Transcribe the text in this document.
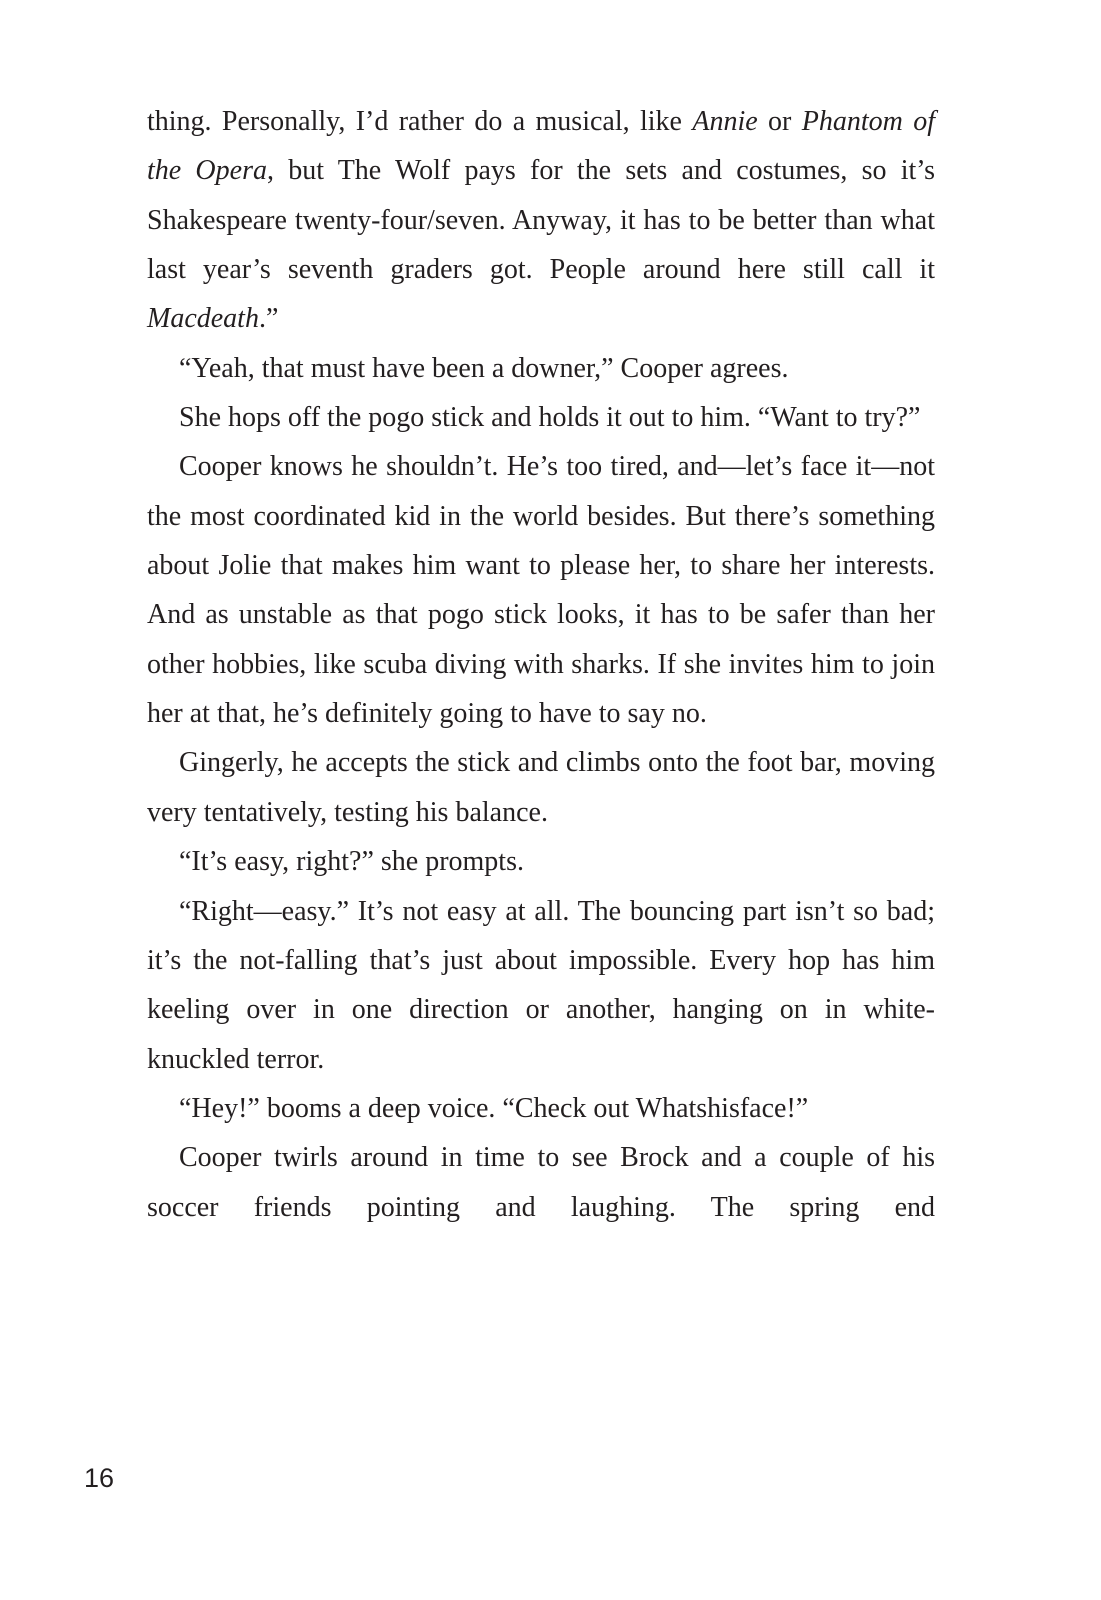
thing. Personally, I’d rather do a musical, like Annie or Phantom of the Opera, but The Wolf pays for the sets and costumes, so it’s Shakespeare twenty-four/seven. Anyway, it has to be better than what last year’s seventh graders got. People around here still call it Macdeath.”

“Yeah, that must have been a downer,” Cooper agrees.

She hops off the pogo stick and holds it out to him. “Want to try?”

Cooper knows he shouldn’t. He’s too tired, and—let’s face it—not the most coordinated kid in the world besides. But there’s something about Jolie that makes him want to please her, to share her interests. And as unstable as that pogo stick looks, it has to be safer than her other hobbies, like scuba diving with sharks. If she invites him to join her at that, he’s definitely going to have to say no.

Gingerly, he accepts the stick and climbs onto the foot bar, moving very tentatively, testing his balance.

“It’s easy, right?” she prompts.

“Right—easy.” It’s not easy at all. The bouncing part isn’t so bad; it’s the not-falling that’s just about impossible. Every hop has him keeling over in one direction or another, hanging on in white-knuckled terror.

“Hey!” booms a deep voice. “Check out Whatshisface!”

Cooper twirls around in time to see Brock and a couple of his soccer friends pointing and laughing. The spring end

16
